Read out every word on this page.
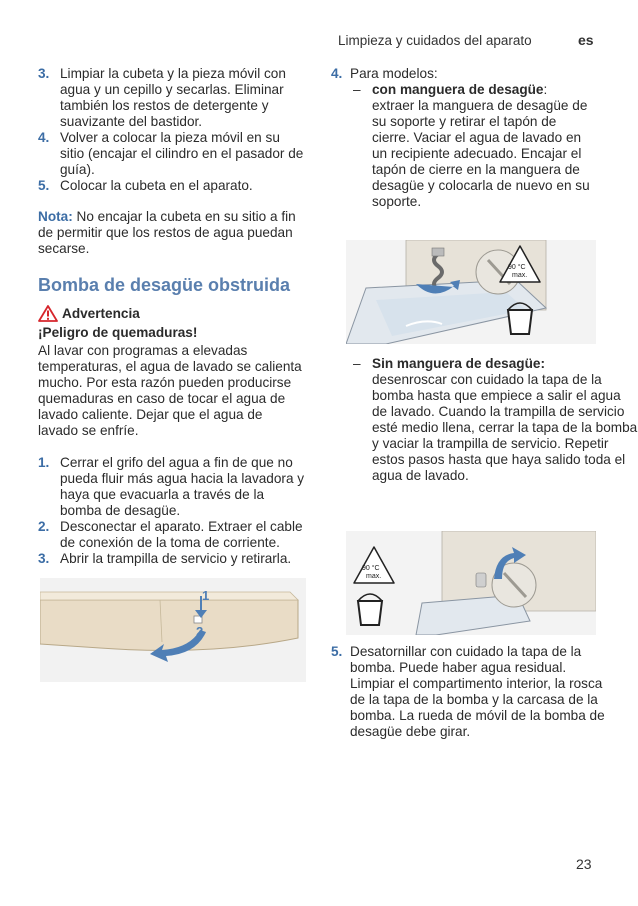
Limpieza y cuidados del aparato	es
3. Limpiar la cubeta y la pieza móvil con agua y un cepillo y secarlas. Eliminar también los restos de detergente y suavizante del bastidor.
4. Volver a colocar la pieza móvil en su sitio (encajar el cilindro en el pasador de guía).
5. Colocar la cubeta en el aparato.
Nota: No encajar la cubeta en su sitio a fin de permitir que los restos de agua puedan secarse.
Bomba de desagüe obstruida
Advertencia
¡Peligro de quemaduras!
Al lavar con programas a elevadas temperaturas, el agua de lavado se calienta mucho. Por esta razón pueden producirse quemaduras en caso de tocar el agua de lavado caliente. Dejar que el agua de lavado se enfríe.
1. Cerrar el grifo del agua a fin de que no pueda fluir más agua hacia la lavadora y haya que evacuarla a través de la bomba de desagüe.
2. Desconectar el aparato. Extraer el cable de conexión de la toma de corriente.
3. Abrir la trampilla de servicio y retirarla.
1
2
4. Para modelos:
– con manguera de desagüe:
extraer la manguera de desagüe de su soporte y retirar el tapón de cierre. Vaciar el agua de lavado en un recipiente adecuado. Encajar el tapón de cierre en la manguera de desagüe y colocarla de nuevo en su soporte.
90 °C
max.
– Sin manguera de desagüe:
desenroscar con cuidado la tapa de la bomba hasta que empiece a salir el agua de lavado. Cuando la trampilla de servicio esté medio llena, cerrar la tapa de la bomba y vaciar la trampilla de servicio. Repetir estos pasos hasta que haya salido toda el agua de lavado.
90 °C
max.
5. Desatornillar con cuidado la tapa de la bomba. Puede haber agua residual. Limpiar el compartimento interior, la rosca de la tapa de la bomba y la carcasa de la bomba. La rueda de móvil de la bomba de desagüe debe girar.
23
